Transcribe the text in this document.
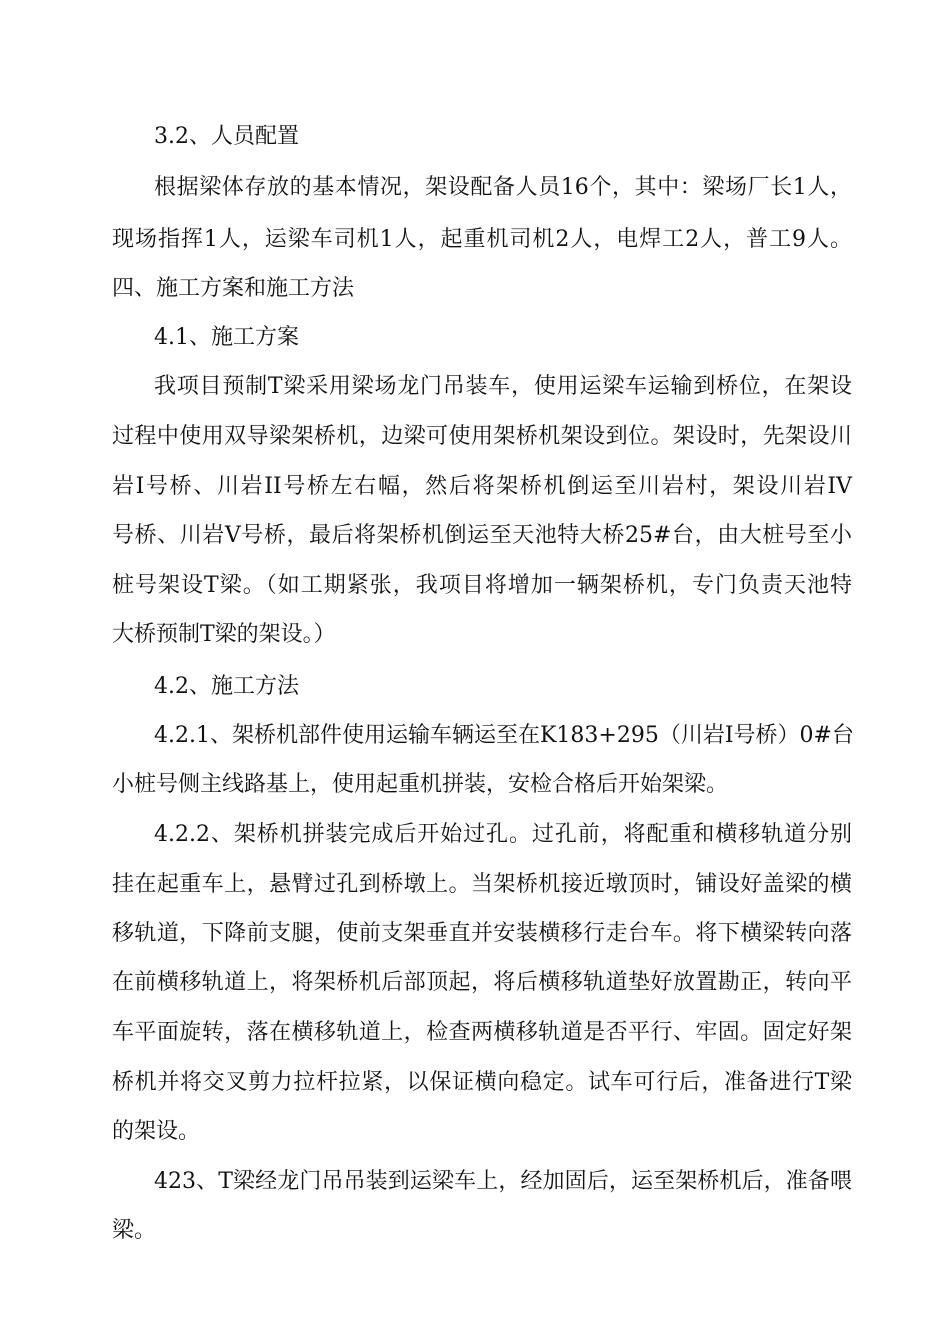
3.2、人员配置
根据梁体存放的基本情况，架设配备人员16个，其中：梁场厂长1人，
现场指挥1人，运梁车司机1人，起重机司机2人，电焊工2人，普工9人。
四、施工方案和施工方法
4.1、施工方案
我项目预制T梁采用梁场龙门吊装车，使用运梁车运输到桥位，在架设
过程中使用双导梁架桥机，边梁可使用架桥机架设到位。架设时，先架设川
岩I号桥、川岩II号桥左右幅，然后将架桥机倒运至川岩村，架设川岩IV
号桥、川岩V号桥，最后将架桥机倒运至天池特大桥25#台，由大桩号至小
桩号架设T梁。（如工期紧张，我项目将增加一辆架桥机，专门负责天池特
大桥预制T梁的架设。）
4.2、施工方法
4.2.1、架桥机部件使用运输车辆运至在K183+295（川岩I号桥）0#台
小桩号侧主线路基上，使用起重机拼装，安检合格后开始架梁。
4.2.2、架桥机拼装完成后开始过孔。过孔前，将配重和横移轨道分别
挂在起重车上，悬臂过孔到桥墩上。当架桥机接近墩顶时，铺设好盖梁的横
移轨道，下降前支腿，使前支架垂直并安装横移行走台车。将下横梁转向落
在前横移轨道上，将架桥机后部顶起，将后横移轨道垫好放置勘正，转向平
车平面旋转，落在横移轨道上，检查两横移轨道是否平行、牢固。固定好架
桥机并将交叉剪力拉杆拉紧，以保证横向稳定。试车可行后，准备进行T梁
的架设。
423、T梁经龙门吊吊装到运梁车上，经加固后，运至架桥机后，准备喂
梁。
